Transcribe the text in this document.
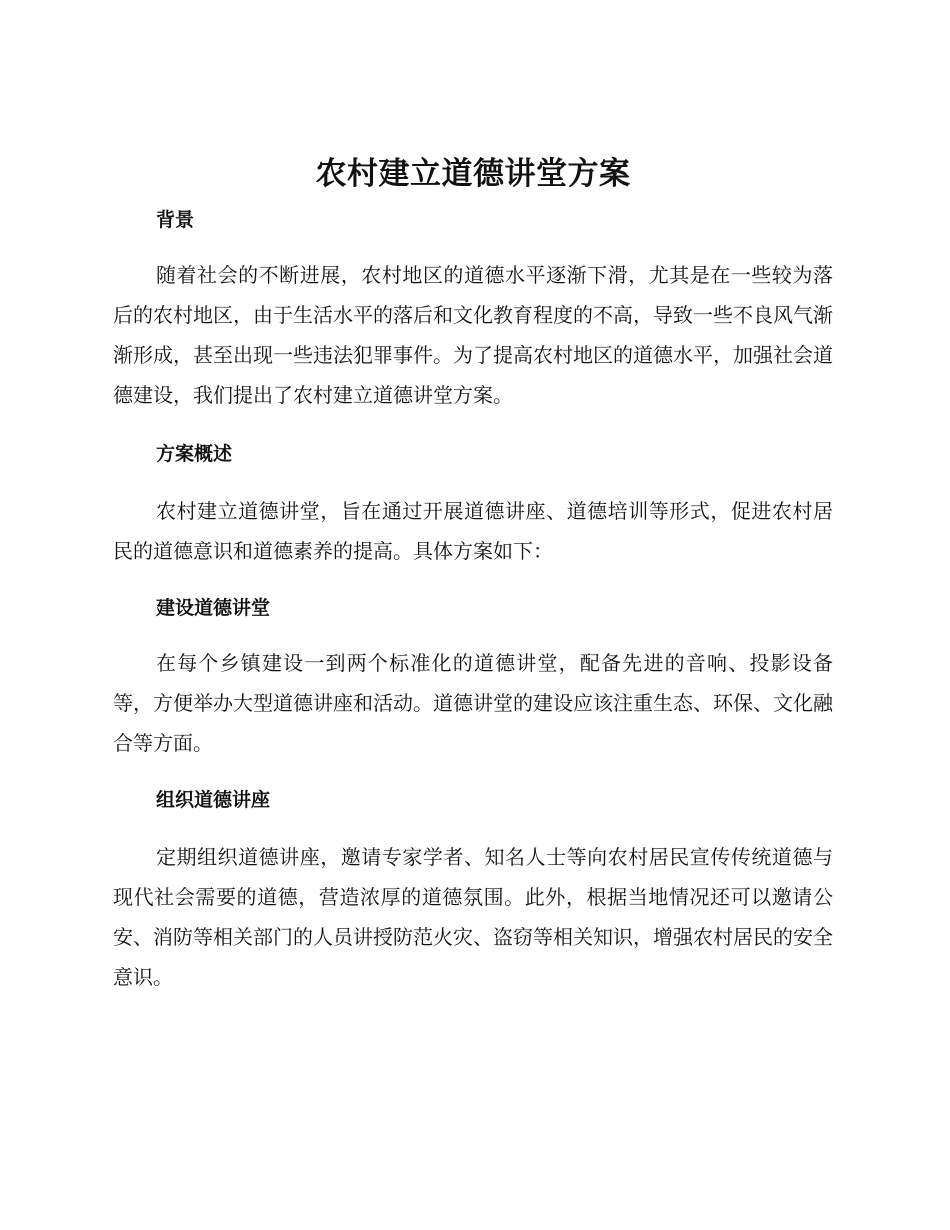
农村建立道德讲堂方案
背景

随着社会的不断进展，农村地区的道德水平逐渐下滑，尤其是在一些较为落后的农村地区，由于生活水平的落后和文化教育程度的不高，导致一些不良风气渐渐形成，甚至出现一些违法犯罪事件。为了提高农村地区的道德水平，加强社会道德建设，我们提出了农村建立道德讲堂方案。

方案概述

农村建立道德讲堂，旨在通过开展道德讲座、道德培训等形式，促进农村居民的道德意识和道德素养的提高。具体方案如下：

建设道德讲堂

在每个乡镇建设一到两个标准化的道德讲堂，配备先进的音响、投影设备等，方便举办大型道德讲座和活动。道德讲堂的建设应该注重生态、环保、文化融合等方面。

组织道德讲座

定期组织道德讲座，邀请专家学者、知名人士等向农村居民宣传传统道德与现代社会需要的道德，营造浓厚的道德氛围。此外，根据当地情况还可以邀请公安、消防等相关部门的人员讲授防范火灾、盗窃等相关知识，增强农村居民的安全意识。
